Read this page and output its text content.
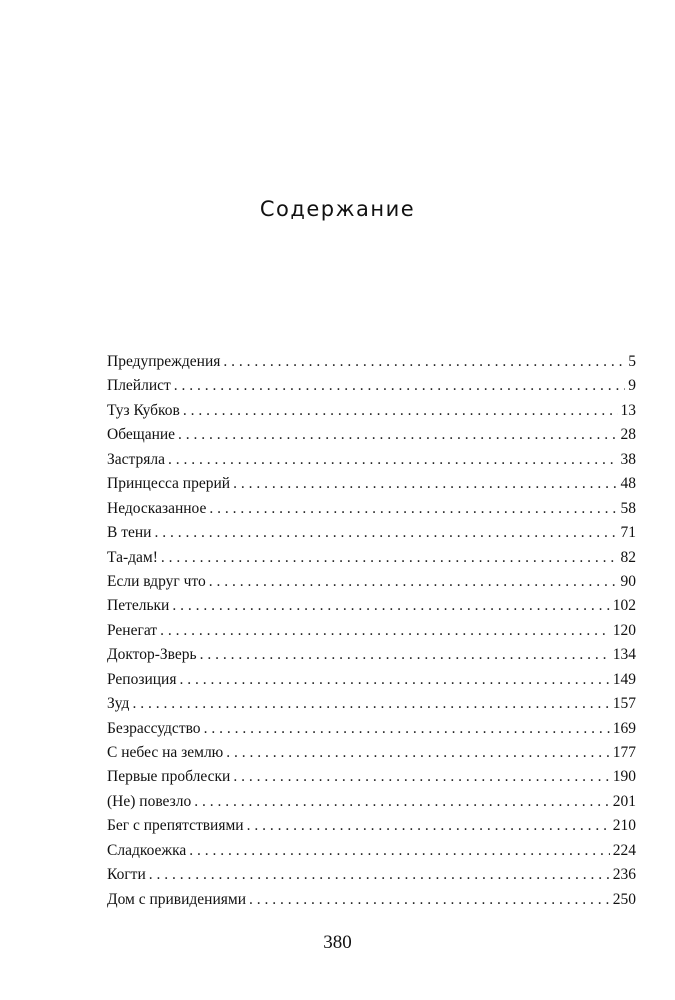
Содержание
Предупреждения . . .	5
Плейлист . . .	9
Туз Кубков . . .	13
Обещание . . .	28
Застряла . . .	38
Принцесса прерий . . .	48
Недосказанное . . .	58
В тени . . .	71
Та-дам! . . .	82
Если вдруг что . . .	90
Петельки . . .	102
Ренегат . . .	120
Доктор-Зверь . . .	134
Репозиция . . .	149
Зуд . . .	157
Безрассудство . . .	169
С небес на землю . . .	177
Первые проблески . . .	190
(Не) повезло . . .	201
Бег с препятствиями . . .	210
Сладкоежка . . .	224
Когти . . .	236
Дом с привидениями . . .	250

380
